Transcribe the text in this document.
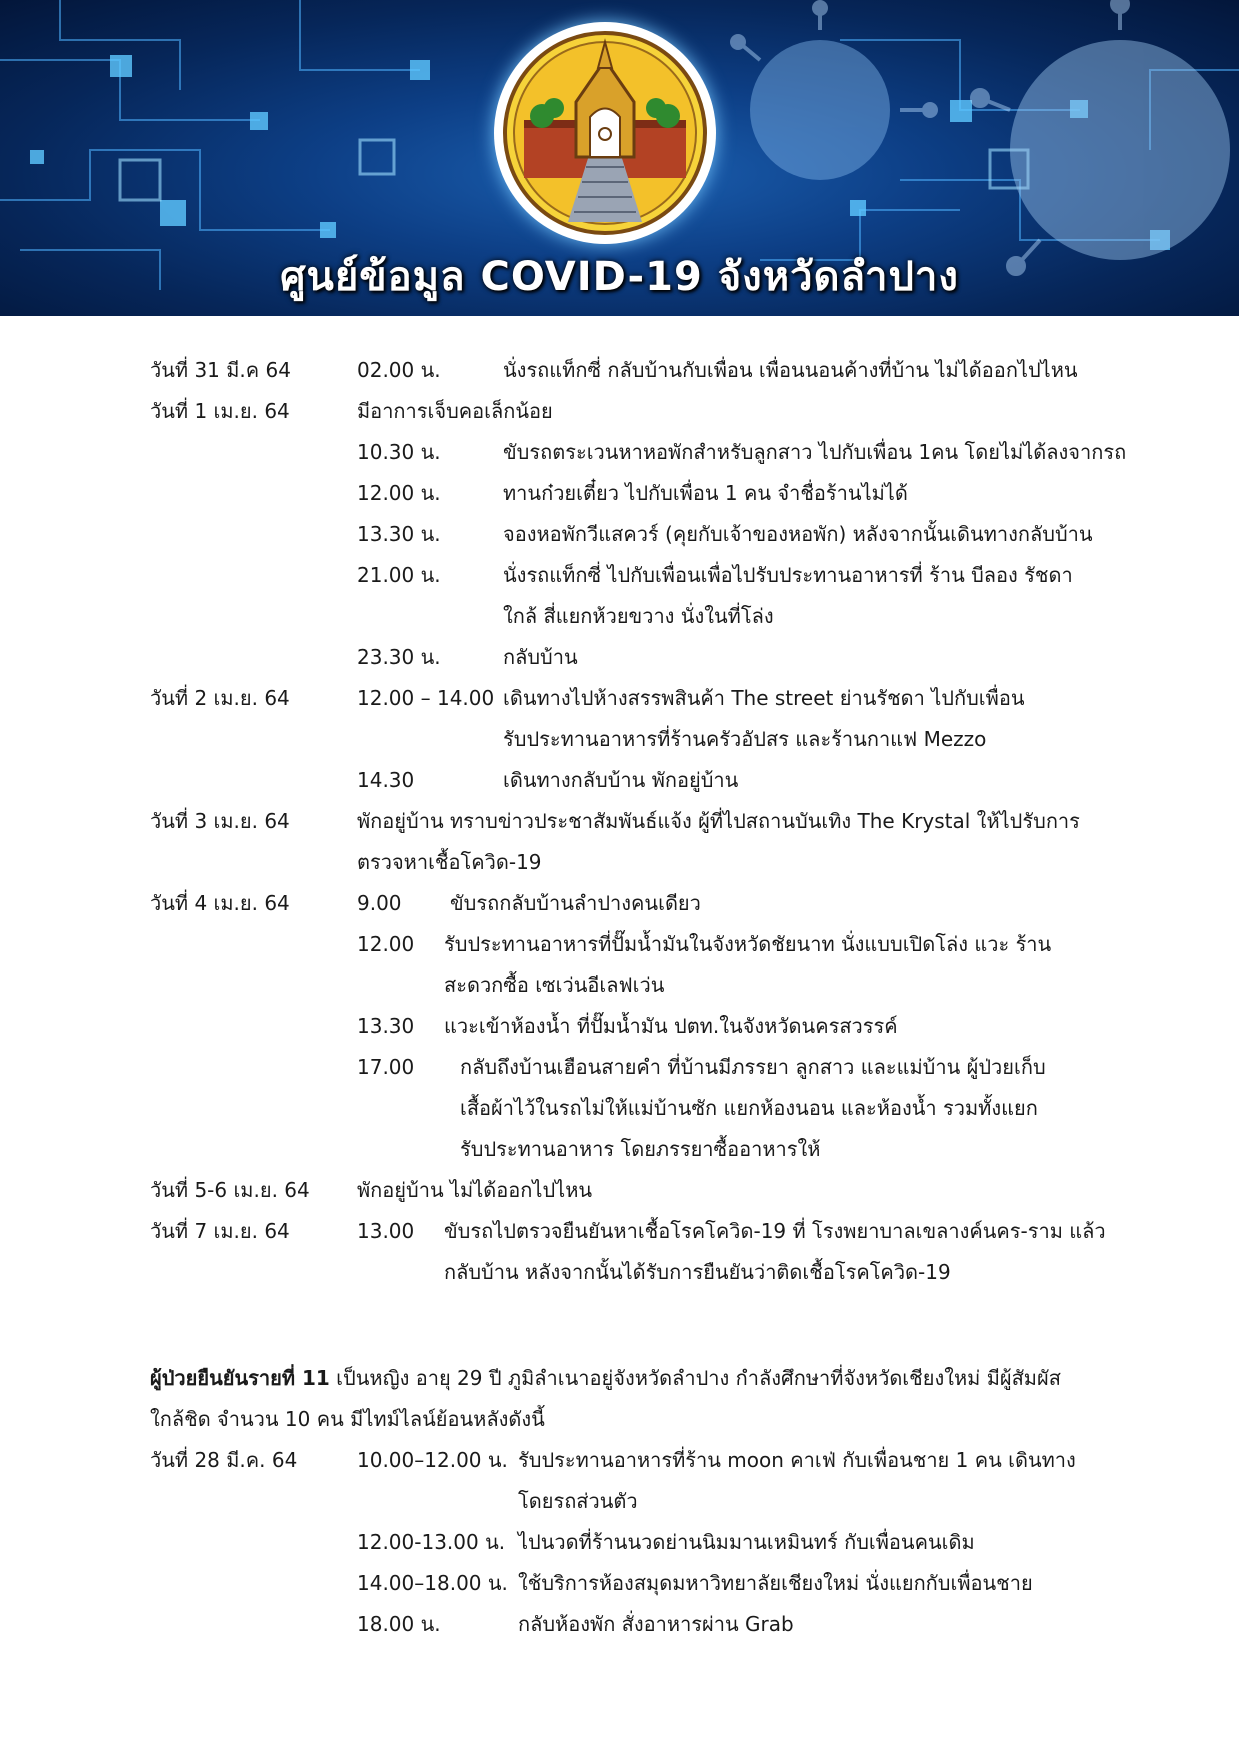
ศูนย์ข้อมูล COVID-19 จังหวัดลำปาง
วันที่ 31 มี.ค 64	02.00 น.	นั่งรถแท็กซี่ กลับบ้านกับเพื่อน เพื่อนนอนค้างที่บ้าน ไม่ได้ออกไปไหน
วันที่ 1 เม.ย. 64	มีอาการเจ็บคอเล็กน้อย
10.30 น.	ขับรถตระเวนหาหอพักสำหรับลูกสาว ไปกับเพื่อน 1คน โดยไม่ได้ลงจากรถ
12.00 น.	ทานก๋วยเตี๋ยว ไปกับเพื่อน 1 คน จำชื่อร้านไม่ได้
13.30 น.	จองหอพักวีแสควร์ (คุยกับเจ้าของหอพัก) หลังจากนั้นเดินทางกลับบ้าน
21.00 น.	นั่งรถแท็กซี่ ไปกับเพื่อนเพื่อไปรับประทานอาหารที่ ร้าน บีลอง รัชดา
ใกล้ สี่แยกห้วยขวาง นั่งในที่โล่ง
23.30 น.	กลับบ้าน
วันที่ 2 เม.ย. 64	12.00 – 14.00 เดินทางไปห้างสรรพสินค้า The street ย่านรัชดา ไปกับเพื่อน
รับประทานอาหารที่ร้านครัวอัปสร และร้านกาแฟ Mezzo
14.30	เดินทางกลับบ้าน พักอยู่บ้าน
วันที่ 3 เม.ย. 64	พักอยู่บ้าน ทราบข่าวประชาสัมพันธ์แจ้ง ผู้ที่ไปสถานบันเทิง The Krystal ให้ไปรับการ
ตรวจหาเชื้อโควิด-19
วันที่ 4 เม.ย. 64	9.00 ขับรถกลับบ้านลำปางคนเดียว
12.00 รับประทานอาหารที่ปั๊มน้ำมันในจังหวัดชัยนาท นั่งแบบเปิดโล่ง แวะ ร้าน
สะดวกซื้อ เซเว่นอีเลฟเว่น
13.30 แวะเข้าห้องน้ำ ที่ปั๊มน้ำมัน ปตท.ในจังหวัดนครสวรรค์
17.00 กลับถึงบ้านเฮือนสายคำ ที่บ้านมีภรรยา ลูกสาว และแม่บ้าน ผู้ป่วยเก็บ
เสื้อผ้าไว้ในรถไม่ให้แม่บ้านซัก แยกห้องนอน และห้องน้ำ รวมทั้งแยก
รับประทานอาหาร โดยภรรยาซื้ออาหารให้
วันที่ 5-6 เม.ย. 64 พักอยู่บ้าน ไม่ได้ออกไปไหน
วันที่ 7 เม.ย. 64	13.00 ขับรถไปตรวจยืนยันหาเชื้อโรคโควิด-19 ที่ โรงพยาบาลเขลางค์นคร-ราม แล้ว
กลับบ้าน หลังจากนั้นได้รับการยืนยันว่าติดเชื้อโรคโควิด-19
ผู้ป่วยยืนยันรายที่ 11 เป็นหญิง อายุ 29 ปี ภูมิลำเนาอยู่จังหวัดลำปาง กำลังศึกษาที่จังหวัดเชียงใหม่ มีผู้สัมผัส
ใกล้ชิด จำนวน 10 คน มีไทม์ไลน์ย้อนหลังดังนี้
วันที่ 28 มี.ค. 64	10.00–12.00 น. รับประทานอาหารที่ร้าน moon คาเฟ่ กับเพื่อนชาย 1 คน เดินทาง
โดยรถส่วนตัว
12.00-13.00 น. ไปนวดที่ร้านนวดย่านนิมมานเหมินทร์ กับเพื่อนคนเดิม
14.00–18.00 น. ใช้บริการห้องสมุดมหาวิทยาลัยเชียงใหม่ นั่งแยกกับเพื่อนชาย
18.00 น.	กลับห้องพัก สั่งอาหารผ่าน Grab
